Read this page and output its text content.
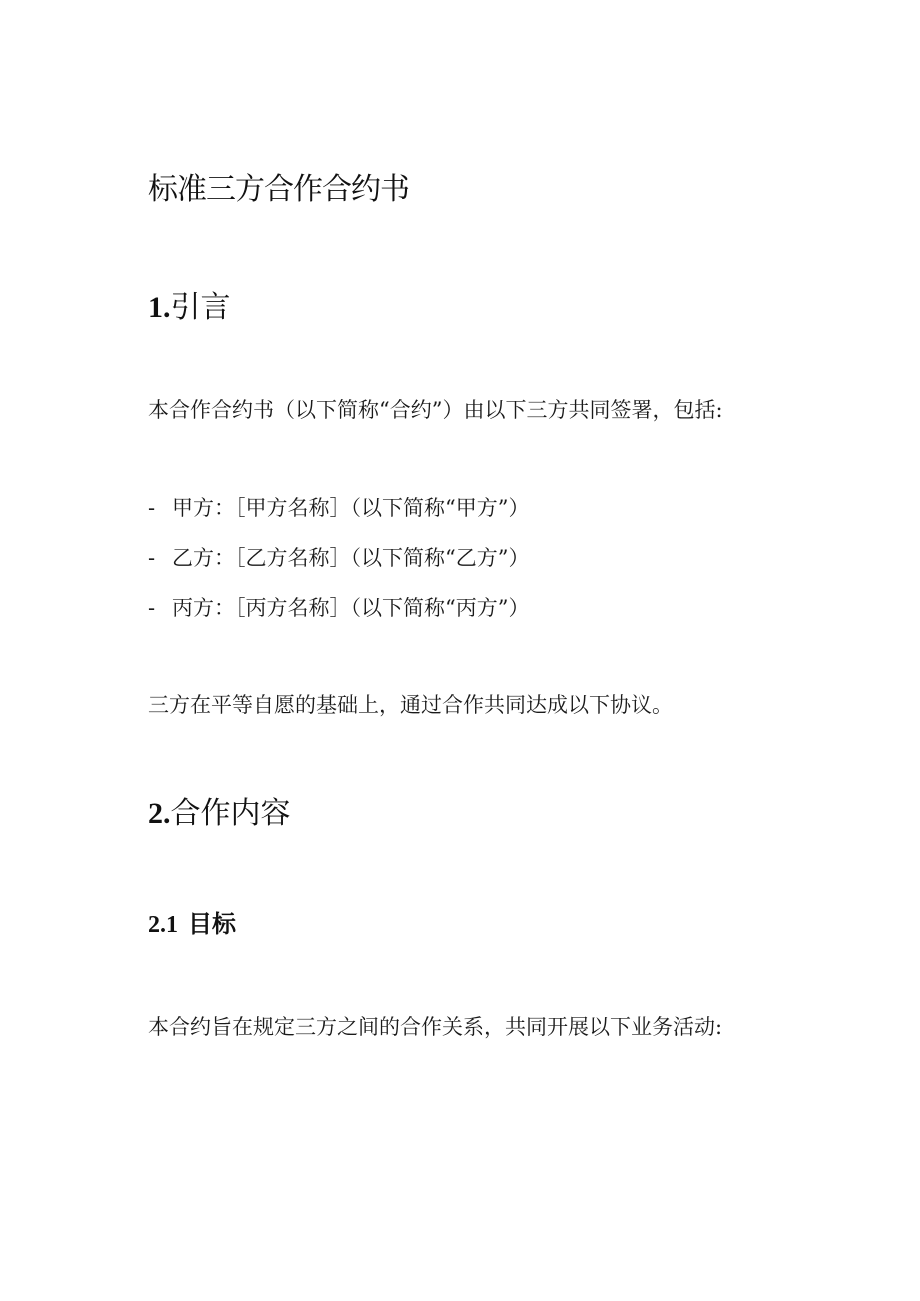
标准三方合作合约书
1.引言

本合作合约书（以下简称“合约”）由以下三方共同签署，包括:

- 甲方：［甲方名称］（以下简称“甲方”）
- 乙方：［乙方名称］（以下简称“乙方”）
- 丙方：［丙方名称］（以下简称“丙方”）

三方在平等自愿的基础上，通过合作共同达成以下协议。

2.合作内容
2.1 目标

本合约旨在规定三方之间的合作关系，共同开展以下业务活动:
